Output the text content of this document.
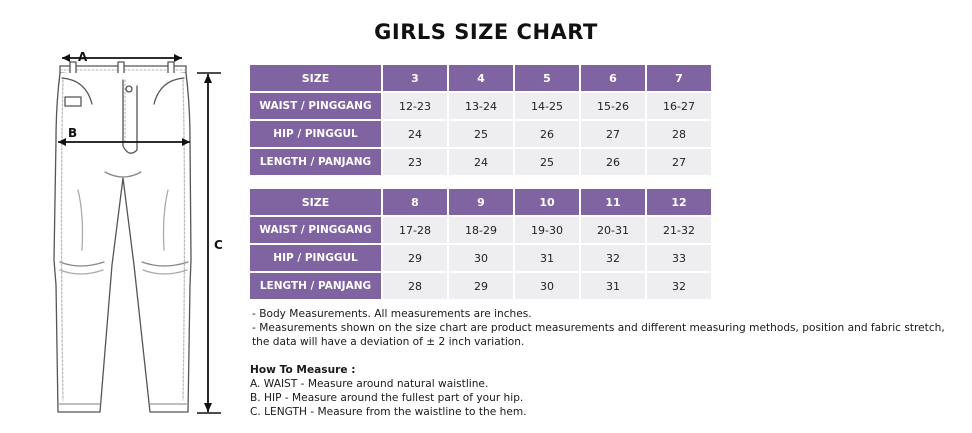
GIRLS SIZE CHART
A
B
C
SIZE	3	4	5	6	7
WAIST / PINGGANG	12-23	13-24	14-25	15-26	16-27
HIP / PINGGUL	24	25	26	27	28
LENGTH / PANJANG	23	24	25	26	27
SIZE	8	9	10	11	12
WAIST / PINGGANG	17-28	18-29	19-30	20-31	21-32
HIP / PINGGUL	29	30	31	32	33
LENGTH / PANJANG	28	29	30	31	32

- Body Measurements. All measurements are inches.

- Measurements shown on the size chart are product measurements and different measuring methods, position and fabric stretch, the data will have a deviation of ± 2 inch variation.

How To Measure :

A. WAIST - Measure around natural waistline.

B. HIP - Measure around the fullest part of your hip.

C. LENGTH - Measure from the waistline to the hem.
